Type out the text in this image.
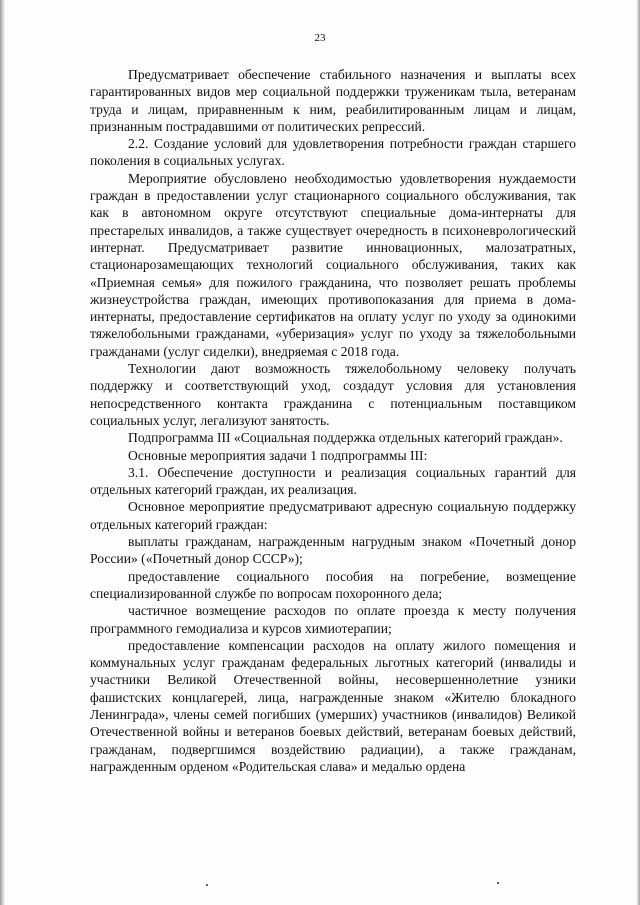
23

Предусматривает обеспечение стабильного назначения и выплаты всех гарантированных видов мер социальной поддержки труженикам тыла, ветеранам труда и лицам, приравненным к ним, реабилитированным лицам и лицам, признанным пострадавшими от политических репрессий.

2.2. Создание условий для удовлетворения потребности граждан старшего поколения в социальных услугах.

Мероприятие обусловлено необходимостью удовлетворения нуждаемости граждан в предоставлении услуг стационарного социального обслуживания, так как в автономном округе отсутствуют специальные дома-интернаты для престарелых инвалидов, а также существует очередность в психоневрологический интернат. Предусматривает развитие инновационных, малозатратных, стационарозамещающих технологий социального обслуживания, таких как «Приемная семья» для пожилого гражданина, что позволяет решать проблемы жизнеустройства граждан, имеющих противопоказания для приема в дома-интернаты, предоставление сертификатов на оплату услуг по уходу за одинокими тяжелобольными гражданами, «уберизация» услуг по уходу за тяжелобольными гражданами (услуг сиделки), внедряемая с 2018 года.

Технологии дают возможность тяжелобольному человеку получать поддержку и соответствующий уход, создадут условия для установления непосредственного контакта гражданина с потенциальным поставщиком социальных услуг, легализуют занятость.

Подпрограмма III «Социальная поддержка отдельных категорий граждан».

Основные мероприятия задачи 1 подпрограммы III:

3.1. Обеспечение доступности и реализация социальных гарантий для отдельных категорий граждан, их реализация.

Основное мероприятие предусматривают адресную социальную поддержку отдельных категорий граждан:

выплаты гражданам, награжденным нагрудным знаком «Почетный донор России» («Почетный донор СССР»);

предоставление социального пособия на погребение, возмещение специализированной службе по вопросам похоронного дела;

частичное возмещение расходов по оплате проезда к месту получения программного гемодиализа и курсов химиотерапии;

предоставление компенсации расходов на оплату жилого помещения и коммунальных услуг гражданам федеральных льготных категорий (инвалиды и участники Великой Отечественной войны, несовершеннолетние узники фашистских концлагерей, лица, награжденные знаком «Жителю блокадного Ленинграда», члены семей погибших (умерших) участников (инвалидов) Великой Отечественной войны и ветеранов боевых действий, ветеранам боевых действий, гражданам, подвергшимся воздействию радиации), а также гражданам, награжденным орденом «Родительская слава» и медалью ордена
